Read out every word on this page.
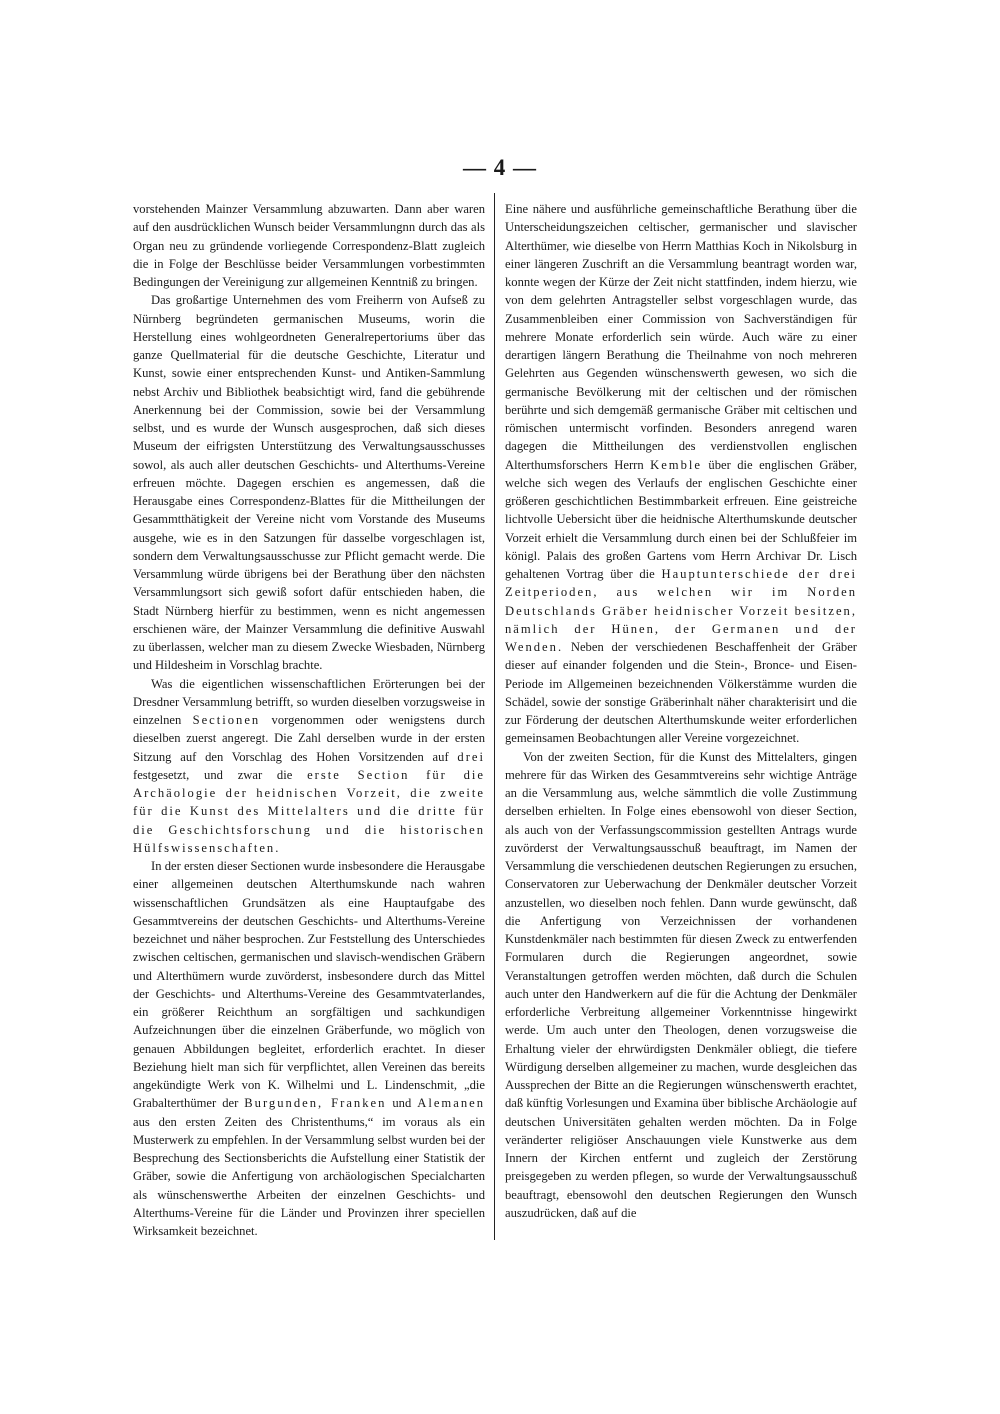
— 4 —

vorstehenden Mainzer Versammlung abzuwarten. Dann aber waren auf den ausdrücklichen Wunsch beider Versammlungnn durch das als Organ neu zu gründende vorliegende Correspondenz-Blatt zugleich die in Folge der Beschlüsse beider Versammlungen vorbestimmten Bedingungen der Vereinigung zur allgemeinen Kenntniß zu bringen.

Das großartige Unternehmen des vom Freiherrn von Aufseß zu Nürnberg begründeten germanischen Museums, worin die Herstellung eines wohlgeordneten Generalrepertoriums über das ganze Quellmaterial für die deutsche Geschichte, Literatur und Kunst, sowie einer entsprechenden Kunst- und Antiken-Sammlung nebst Archiv und Bibliothek beabsichtigt wird, fand die gebührende Anerkennung bei der Commission, sowie bei der Versammlung selbst, und es wurde der Wunsch ausgesprochen, daß sich dieses Museum der eifrigsten Unterstützung des Verwaltungsausschusses sowol, als auch aller deutschen Geschichts- und Alterthums-Vereine erfreuen möchte. Dagegen erschien es angemessen, daß die Herausgabe eines Correspondenz-Blattes für die Mittheilungen der Gesammtthätigkeit der Vereine nicht vom Vorstande des Museums ausgehe, wie es in den Satzungen für dasselbe vorgeschlagen ist, sondern dem Verwaltungsausschusse zur Pflicht gemacht werde. Die Versammlung würde übrigens bei der Berathung über den nächsten Versammlungsort sich gewiß sofort dafür entschieden haben, die Stadt Nürnberg hierfür zu bestimmen, wenn es nicht angemessen erschienen wäre, der Mainzer Versammlung die definitive Auswahl zu überlassen, welcher man zu diesem Zwecke Wiesbaden, Nürnberg und Hildesheim in Vorschlag brachte.

Was die eigentlichen wissenschaftlichen Erörterungen bei der Dresdner Versammlung betrifft, so wurden dieselben vorzugsweise in einzelnen Sectionen vorgenommen oder wenigstens durch dieselben zuerst angeregt. Die Zahl derselben wurde in der ersten Sitzung auf den Vorschlag des Hohen Vorsitzenden auf drei festgesetzt, und zwar die erste Section für die Archäologie der heidnischen Vorzeit, die zweite für die Kunst des Mittelalters und die dritte für die Geschichtsforschung und die historischen Hülfswissenschaften.

In der ersten dieser Sectionen wurde insbesondere die Herausgabe einer allgemeinen deutschen Alterthumskunde nach wahren wissenschaftlichen Grundsätzen als eine Hauptaufgabe des Gesammtvereins der deutschen Geschichts- und Alterthums-Vereine bezeichnet und näher besprochen. Zur Feststellung des Unterschiedes zwischen celtischen, germanischen und slavisch-wendischen Gräbern und Alterthümern wurde zuvörderst, insbesondere durch das Mittel der Geschichts- und Alterthums-Vereine des Gesammtvaterlandes, ein größerer Reichthum an sorgfältigen und sachkundigen Aufzeichnungen über die einzelnen Gräberfunde, wo möglich von genauen Abbildungen begleitet, erforderlich erachtet. In dieser Beziehung hielt man sich für verpflichtet, allen Vereinen das bereits angekündigte Werk von K. Wilhelmi und L. Lindenschmit, „die Grabalterthümer der Burgunden, Franken und Alemanen aus den ersten Zeiten des Christenthums,“ im voraus als ein Musterwerk zu empfehlen. In der Versammlung selbst wurden bei der Besprechung des Sectionsberichts die Aufstellung einer Statistik der Gräber, sowie die Anfertigung von archäologischen Specialcharten als wünschenswerthe Arbeiten der einzelnen Geschichts- und Alterthums-Vereine für die Länder und Provinzen ihrer speciellen Wirksamkeit bezeichnet.

Eine nähere und ausführliche gemeinschaftliche Berathung über die Unterscheidungszeichen celtischer, germanischer und slavischer Alterthümer, wie dieselbe von Herrn Matthias Koch in Nikolsburg in einer längeren Zuschrift an die Versammlung beantragt worden war, konnte wegen der Kürze der Zeit nicht stattfinden, indem hierzu, wie von dem gelehrten Antragsteller selbst vorgeschlagen wurde, das Zusammenbleiben einer Commission von Sachverständigen für mehrere Monate erforderlich sein würde. Auch wäre zu einer derartigen längern Berathung die Theilnahme von noch mehreren Gelehrten aus Gegenden wünschenswerth gewesen, wo sich die germanische Bevölkerung mit der celtischen und der römischen berührte und sich demgemäß germanische Gräber mit celtischen und römischen untermischt vorfinden. Besonders anregend waren dagegen die Mittheilungen des verdienstvollen englischen Alterthumsforschers Herrn Kemble über die englischen Gräber, welche sich wegen des Verlaufs der englischen Geschichte einer größeren geschichtlichen Bestimmbarkeit erfreuen. Eine geistreiche lichtvolle Uebersicht über die heidnische Alterthumskunde deutscher Vorzeit erhielt die Versammlung durch einen bei der Schlußfeier im königl. Palais des großen Gartens vom Herrn Archivar Dr. Lisch gehaltenen Vortrag über die Hauptunterschiede der drei Zeitperioden, aus welchen wir im Norden Deutschlands Gräber heidnischer Vorzeit besitzen, nämlich der Hünen, der Germanen und der Wenden. Neben der verschiedenen Beschaffenheit der Gräber dieser auf einander folgenden und die Stein-, Bronce- und Eisen-Periode im Allgemeinen bezeichnenden Völkerstämme wurden die Schädel, sowie der sonstige Gräberinhalt näher charakterisirt und die zur Förderung der deutschen Alterthumskunde weiter erforderlichen gemeinsamen Beobachtungen aller Vereine vorgezeichnet.

Von der zweiten Section, für die Kunst des Mittelalters, gingen mehrere für das Wirken des Gesammtvereins sehr wichtige Anträge an die Versammlung aus, welche sämmtlich die volle Zustimmung derselben erhielten. In Folge eines ebensowohl von dieser Section, als auch von der Verfassungscommission gestellten Antrags wurde zuvörderst der Verwaltungsausschuß beauftragt, im Namen der Versammlung die verschiedenen deutschen Regierungen zu ersuchen, Conservatoren zur Ueberwachung der Denkmäler deutscher Vorzeit anzustellen, wo dieselben noch fehlen. Dann wurde gewünscht, daß die Anfertigung von Verzeichnissen der vorhandenen Kunstdenkmäler nach bestimmten für diesen Zweck zu entwerfenden Formularen durch die Regierungen angeordnet, sowie Veranstaltungen getroffen werden möchten, daß durch die Schulen auch unter den Handwerkern auf die für die Achtung der Denkmäler erforderliche Verbreitung allgemeiner Vorkenntnisse hingewirkt werde. Um auch unter den Theologen, denen vorzugsweise die Erhaltung vieler der ehrwürdigsten Denkmäler obliegt, die tiefere Würdigung derselben allgemeiner zu machen, wurde desgleichen das Aussprechen der Bitte an die Regierungen wünschenswerth erachtet, daß künftig Vorlesungen und Examina über biblische Archäologie auf deutschen Universitäten gehalten werden möchten. Da in Folge veränderter religiöser Anschauungen viele Kunstwerke aus dem Innern der Kirchen entfernt und zugleich der Zerstörung preisgegeben zu werden pflegen, so wurde der Verwaltungsausschuß beauftragt, ebensowohl den deutschen Regierungen den Wunsch auszudrücken, daß auf die
